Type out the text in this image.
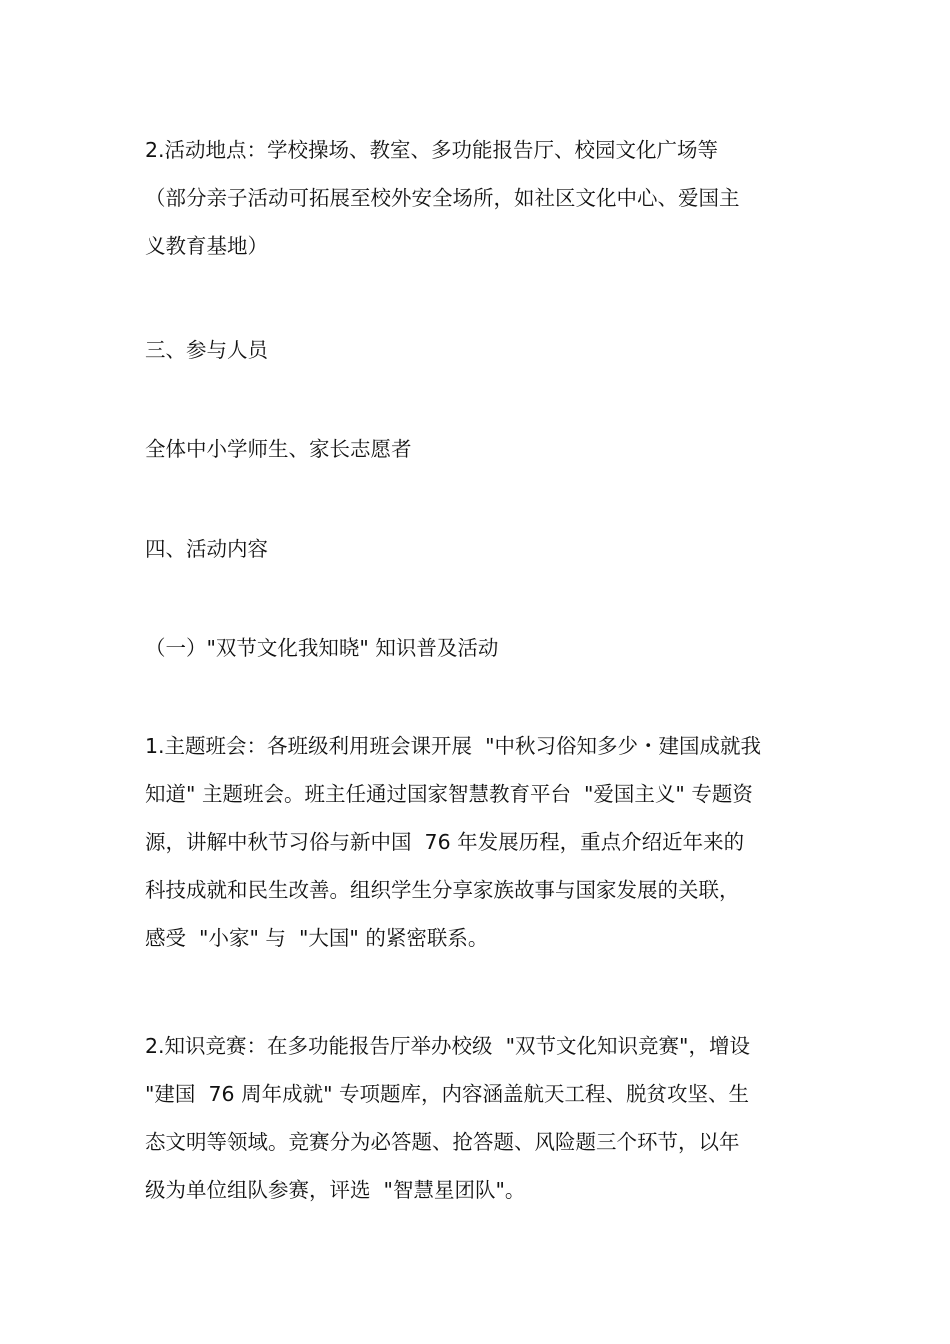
2.活动地点：学校操场、教室、多功能报告厅、校园文化广场等
（部分亲子活动可拓展至校外安全场所，如社区文化中心、爱国主
义教育基地）
三、参与人员
全体中小学师生、家长志愿者
四、活动内容
（一）"双节文化我知晓" 知识普及活动
1.主题班会：各班级利用班会课开展  "中秋习俗知多少・建国成就我
知道" 主题班会。班主任通过国家智慧教育平台  "爱国主义" 专题资
源，讲解中秋节习俗与新中国  76 年发展历程，重点介绍近年来的
科技成就和民生改善。组织学生分享家族故事与国家发展的关联，
感受  "小家" 与  "大国" 的紧密联系。
2.知识竞赛：在多功能报告厅举办校级  "双节文化知识竞赛"，增设
"建国  76 周年成就" 专项题库，内容涵盖航天工程、脱贫攻坚、生
态文明等领域。竞赛分为必答题、抢答题、风险题三个环节，以年
级为单位组队参赛，评选  "智慧星团队"。
